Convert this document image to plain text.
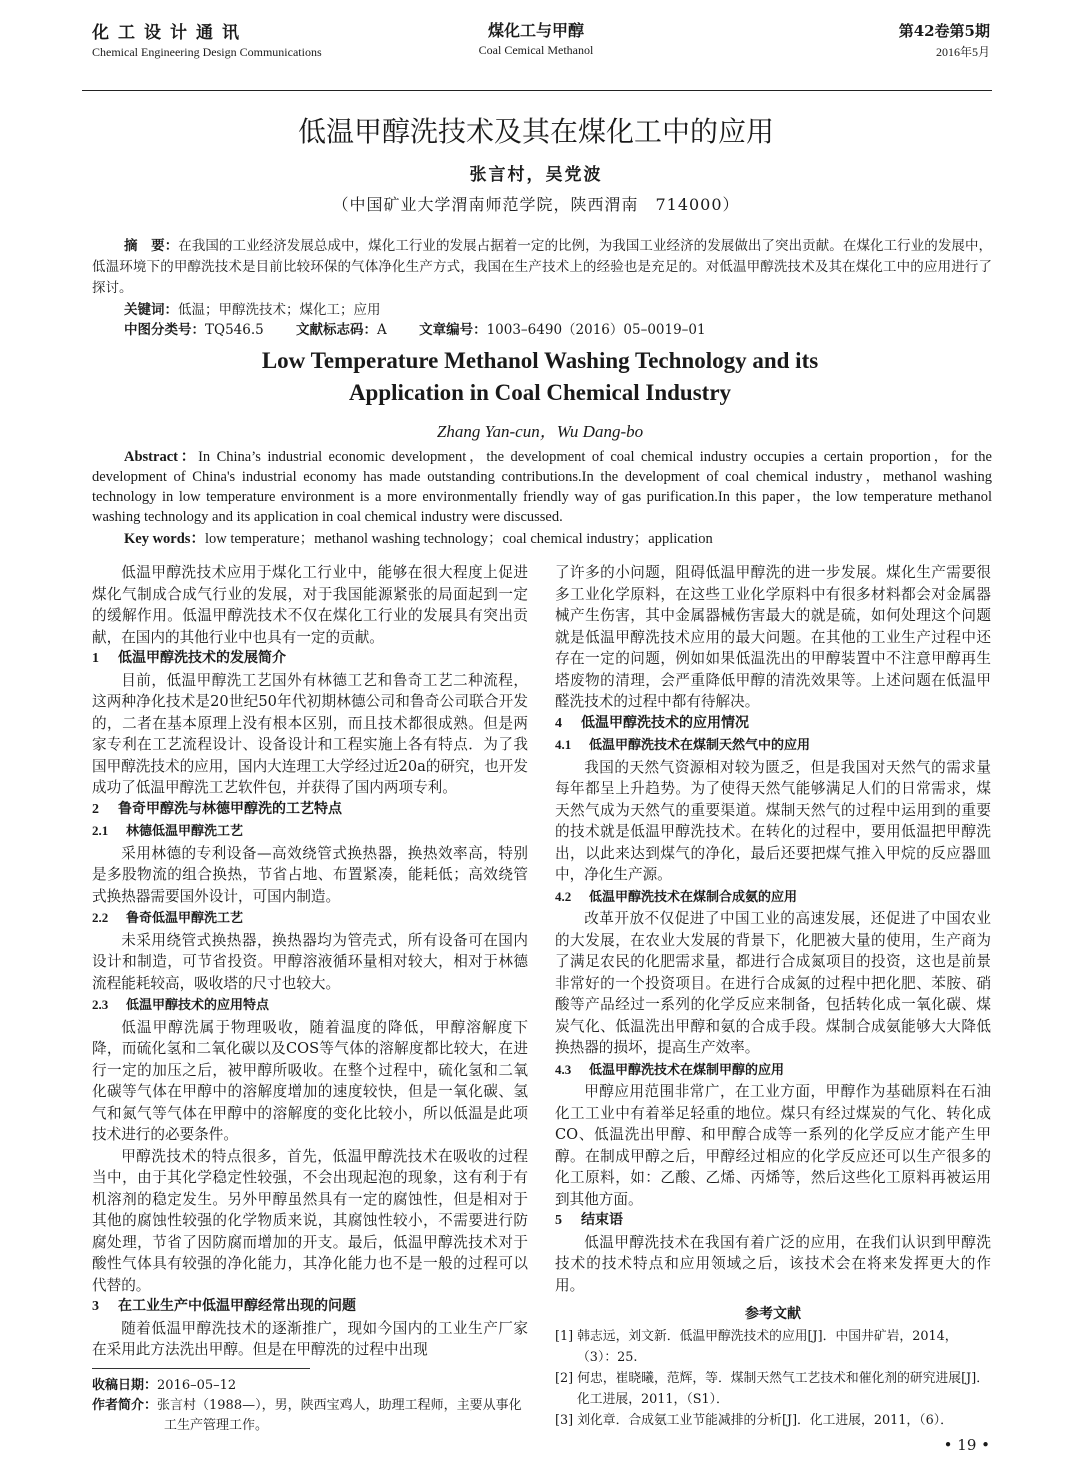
化工设计通讯
Chemical Engineering Design Communications
煤化工与甲醇
Coal Cemical Methanol
第42卷第5期
2016年5月
低温甲醇洗技术及其在煤化工中的应用
张言村，吴党波
（中国矿业大学渭南师范学院，陕西渭南　714000）
摘　要：在我国的工业经济发展总成中，煤化工行业的发展占据着一定的比例，为我国工业经济的发展做出了突出贡献。在煤化工行业的发展中，低温环境下的甲醇洗技术是目前比较环保的气体净化生产方式，我国在生产技术上的经验也是充足的。对低温甲醇洗技术及其在煤化工中的应用进行了探讨。
关键词：低温；甲醇洗技术；煤化工；应用
中图分类号：TQ546.5 文献标志码：A 文章编号：1003–6490（2016）05–0019–01
Low Temperature Methanol Washing Technology and its
Application in Coal Chemical Industry
Zhang Yan-cun，Wu Dang-bo
Abstract：In China’s industrial economic development，the development of coal chemical industry occupies a certain proportion，for the development of China's industrial economy has made outstanding contributions.In the development of coal chemical industry，methanol washing technology in low temperature environment is a more environmentally friendly way of gas purification.In this paper，the low temperature methanol washing technology and its application in coal chemical industry were discussed.
Key words：low temperature；methanol washing technology；coal chemical industry；application

低温甲醇洗技术应用于煤化工行业中，能够在很大程度上促进煤化气制成合成气行业的发展，对于我国能源紧张的局面起到一定的缓解作用。低温甲醇洗技术不仅在煤化工行业的发展具有突出贡献，在国内的其他行业中也具有一定的贡献。

1 低温甲醇洗技术的发展简介

目前，低温甲醇洗工艺国外有林德工艺和鲁奇工艺二种流程，这两种净化技术是20世纪50年代初期林德公司和鲁奇公司联合开发的，二者在基本原理上没有根本区别，而且技术都很成熟。但是两家专利在工艺流程设计、设备设计和工程实施上各有特点．为了我国甲醇洗技术的应用，国内大连理工大学经过近20a的研究，也开发成功了低温甲醇洗工艺软件包，并获得了国内两项专利。

2 鲁奇甲醇洗与林德甲醇洗的工艺特点
2.1 林德低温甲醇洗工艺

采用林德的专利设备—高效绕管式换热器，换热效率高，特别是多股物流的组合换热，节省占地、布置紧凑，能耗低；高效绕管式换热器需要国外设计，可国内制造。

2.2 鲁奇低温甲醇洗工艺

未采用绕管式换热器，换热器均为管壳式，所有设备可在国内设计和制造，可节省投资。甲醇溶液循环量相对较大，相对于林德流程能耗较高，吸收塔的尺寸也较大。

2.3 低温甲醇技术的应用特点

低温甲醇洗属于物理吸收，随着温度的降低，甲醇溶解度下降，而硫化氢和二氧化碳以及COS等气体的溶解度都比较大，在进行一定的加压之后，被甲醇所吸收。在整个过程中，硫化氢和二氧化碳等气体在甲醇中的溶解度增加的速度较快，但是一氧化碳、氢气和氮气等气体在甲醇中的溶解度的变化比较小，所以低温是此项技术进行的必要条件。

甲醇洗技术的特点很多，首先，低温甲醇洗技术在吸收的过程当中，由于其化学稳定性较强，不会出现起泡的现象，这有利于有机溶剂的稳定发生。另外甲醇虽然具有一定的腐蚀性，但是相对于其他的腐蚀性较强的化学物质来说，其腐蚀性较小，不需要进行防腐处理，节省了因防腐而增加的开支。最后，低温甲醇洗技术对于酸性气体具有较强的净化能力，其净化能力也不是一般的过程可以代替的。

3 在工业生产中低温甲醇经常出现的问题

随着低温甲醇洗技术的逐渐推广，现如今国内的工业生产厂家在采用此方法洗出甲醇。但是在甲醇洗的过程中出现

收稿日期：2016–05–12
作者简介：张言村（1988—），男，陕西宝鸡人，助理工程师，主要从事化工生产管理工作。

了许多的小问题，阻碍低温甲醇洗的进一步发展。煤化生产需要很多工业化学原料，在这些工业化学原料中有很多材料都会对金属器械产生伤害，其中金属器械伤害最大的就是硫，如何处理这个问题就是低温甲醇洗技术应用的最大问题。在其他的工业生产过程中还存在一定的问题，例如如果低温洗出的甲醇装置中不注意甲醇再生塔废物的清理，会严重降低甲醇的清洗效果等。上述问题在低温甲醛洗技术的过程中都有待解决。

4 低温甲醇洗技术的应用情况
4.1 低温甲醇洗技术在煤制天然气中的应用

我国的天然气资源相对较为匮乏，但是我国对天然气的需求量每年都呈上升趋势。为了使得天然气能够满足人们的日常需求，煤天然气成为天然气的重要渠道。煤制天然气的过程中运用到的重要的技术就是低温甲醇洗技术。在转化的过程中，要用低温把甲醇洗出，以此来达到煤气的净化，最后还要把煤气推入甲烷的反应器皿中，净化生产源。

4.2 低温甲醇洗技术在煤制合成氨的应用

改革开放不仅促进了中国工业的高速发展，还促进了中国农业的大发展，在农业大发展的背景下，化肥被大量的使用，生产商为了满足农民的化肥需求量，都进行合成氮项目的投资，这也是前景非常好的一个投资项目。在进行合成氮的过程中把化肥、苯胺、硝酸等产品经过一系列的化学反应来制备，包括转化成一氧化碳、煤炭气化、低温洗出甲醇和氨的合成手段。煤制合成氨能够大大降低换热器的损坏，提高生产效率。

4.3 低温甲醇洗技术在煤制甲醇的应用

甲醇应用范围非常广，在工业方面，甲醇作为基础原料在石油化工工业中有着举足轻重的地位。煤只有经过煤炭的气化、转化成CO、低温洗出甲醇、和甲醇合成等一系列的化学反应才能产生甲醇。在制成甲醇之后，甲醇经过相应的化学反应还可以生产很多的化工原料，如：乙酸、乙烯、丙烯等，然后这些化工原料再被运用到其他方面。

5 结束语

低温甲醇洗技术在我国有着广泛的应用，在我们认识到甲醇洗技术的技术特点和应用领域之后，该技术会在将来发挥更大的作用。

参考文献
[1] 韩志远，刘文新．低温甲醇洗技术的应用[J]．中国井矿岩，2014，（3）：25.
[2] 何忠，崔晓曦，范辉，等．煤制天然气工艺技术和催化剂的研究进展[J]．化工进展，2011，（S1）．
[3] 刘化章．合成氨工业节能减排的分析[J]．化工进展，2011，（6）．
• 19 •
